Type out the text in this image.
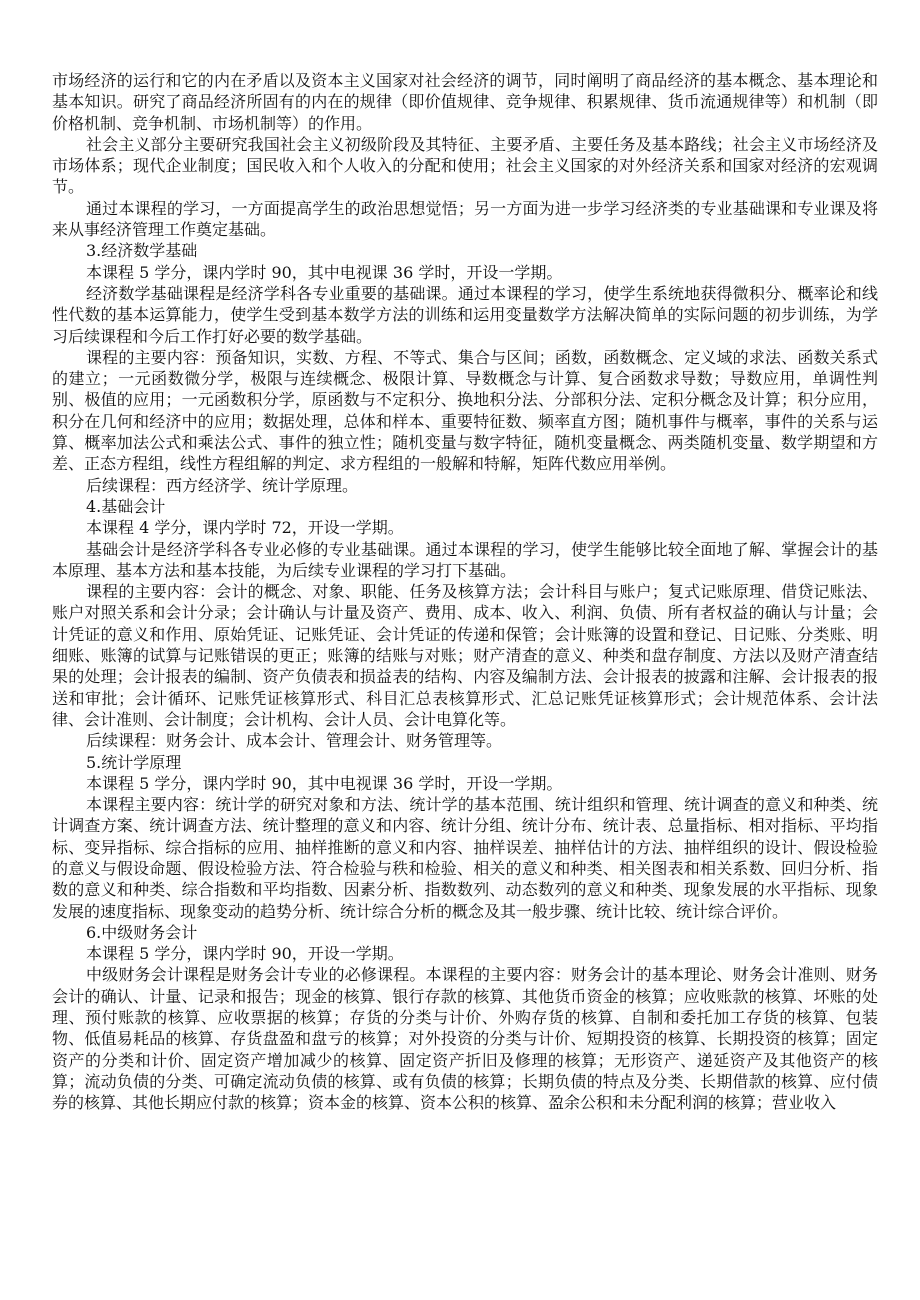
市场经济的运行和它的内在矛盾以及资本主义国家对社会经济的调节，同时阐明了商品经济的基本概念、基本理论和基本知识。研究了商品经济所固有的内在的规律（即价值规律、竞争规律、积累规律、货币流通规律等）和机制（即价格机制、竞争机制、市场机制等）的作用。

社会主义部分主要研究我国社会主义初级阶段及其特征、主要矛盾、主要任务及基本路线；社会主义市场经济及市场体系；现代企业制度；国民收入和个人收入的分配和使用；社会主义国家的对外经济关系和国家对经济的宏观调节。

通过本课程的学习，一方面提高学生的政治思想觉悟；另一方面为进一步学习经济类的专业基础课和专业课及将来从事经济管理工作奠定基础。

3.经济数学基础

本课程 5 学分，课内学时 90，其中电视课 36 学时，开设一学期。

经济数学基础课程是经济学科各专业重要的基础课。通过本课程的学习，使学生系统地获得微积分、概率论和线性代数的基本运算能力，使学生受到基本数学方法的训练和运用变量数学方法解决简单的实际问题的初步训练，为学习后续课程和今后工作打好必要的数学基础。

课程的主要内容：预备知识，实数、方程、不等式、集合与区间；函数，函数概念、定义域的求法、函数关系式的建立；一元函数微分学，极限与连续概念、极限计算、导数概念与计算、复合函数求导数；导数应用，单调性判别、极值的应用；一元函数积分学，原函数与不定积分、换地积分法、分部积分法、定积分概念及计算；积分应用，积分在几何和经济中的应用；数据处理，总体和样本、重要特征数、频率直方图；随机事件与概率，事件的关系与运算、概率加法公式和乘法公式、事件的独立性；随机变量与数字特征，随机变量概念、两类随机变量、数学期望和方差、正态方程组，线性方程组解的判定、求方程组的一般解和特解，矩阵代数应用举例。

后续课程：西方经济学、统计学原理。

4.基础会计

本课程 4 学分，课内学时 72，开设一学期。

基础会计是经济学科各专业必修的专业基础课。通过本课程的学习，使学生能够比较全面地了解、掌握会计的基本原理、基本方法和基本技能，为后续专业课程的学习打下基础。

课程的主要内容：会计的概念、对象、职能、任务及核算方法；会计科目与账户；复式记账原理、借贷记账法、账户对照关系和会计分录；会计确认与计量及资产、费用、成本、收入、利润、负债、所有者权益的确认与计量；会计凭证的意义和作用、原始凭证、记账凭证、会计凭证的传递和保管；会计账簿的设置和登记、日记账、分类账、明细账、账簿的试算与记账错误的更正；账簿的结账与对账；财产清查的意义、种类和盘存制度、方法以及财产清查结果的处理；会计报表的编制、资产负债表和损益表的结构、内容及编制方法、会计报表的披露和注解、会计报表的报送和审批；会计循环、记账凭证核算形式、科目汇总表核算形式、汇总记账凭证核算形式；会计规范体系、会计法律、会计准则、会计制度；会计机构、会计人员、会计电算化等。

后续课程：财务会计、成本会计、管理会计、财务管理等。

5.统计学原理

本课程 5 学分，课内学时 90，其中电视课 36 学时，开设一学期。

本课程主要内容：统计学的研究对象和方法、统计学的基本范围、统计组织和管理、统计调查的意义和种类、统计调查方案、统计调查方法、统计整理的意义和内容、统计分组、统计分布、统计表、总量指标、相对指标、平均指标、变异指标、综合指标的应用、抽样推断的意义和内容、抽样误差、抽样估计的方法、抽样组织的设计、假设检验的意义与假设命题、假设检验方法、符合检验与秩和检验、相关的意义和种类、相关图表和相关系数、回归分析、指数的意义和种类、综合指数和平均指数、因素分析、指数数列、动态数列的意义和种类、现象发展的水平指标、现象发展的速度指标、现象变动的趋势分析、统计综合分析的概念及其一般步骤、统计比较、统计综合评价。

6.中级财务会计

本课程 5 学分，课内学时 90，开设一学期。

中级财务会计课程是财务会计专业的必修课程。本课程的主要内容：财务会计的基本理论、财务会计准则、财务会计的确认、计量、记录和报告；现金的核算、银行存款的核算、其他货币资金的核算；应收账款的核算、坏账的处理、预付账款的核算、应收票据的核算；存货的分类与计价、外购存货的核算、自制和委托加工存货的核算、包装物、低值易耗品的核算、存货盘盈和盘亏的核算；对外投资的分类与计价、短期投资的核算、长期投资的核算；固定资产的分类和计价、固定资产增加减少的核算、固定资产折旧及修理的核算；无形资产、递延资产及其他资产的核算；流动负债的分类、可确定流动负债的核算、或有负债的核算；长期负债的特点及分类、长期借款的核算、应付债券的核算、其他长期应付款的核算；资本金的核算、资本公积的核算、盈余公积和未分配利润的核算；营业收入
